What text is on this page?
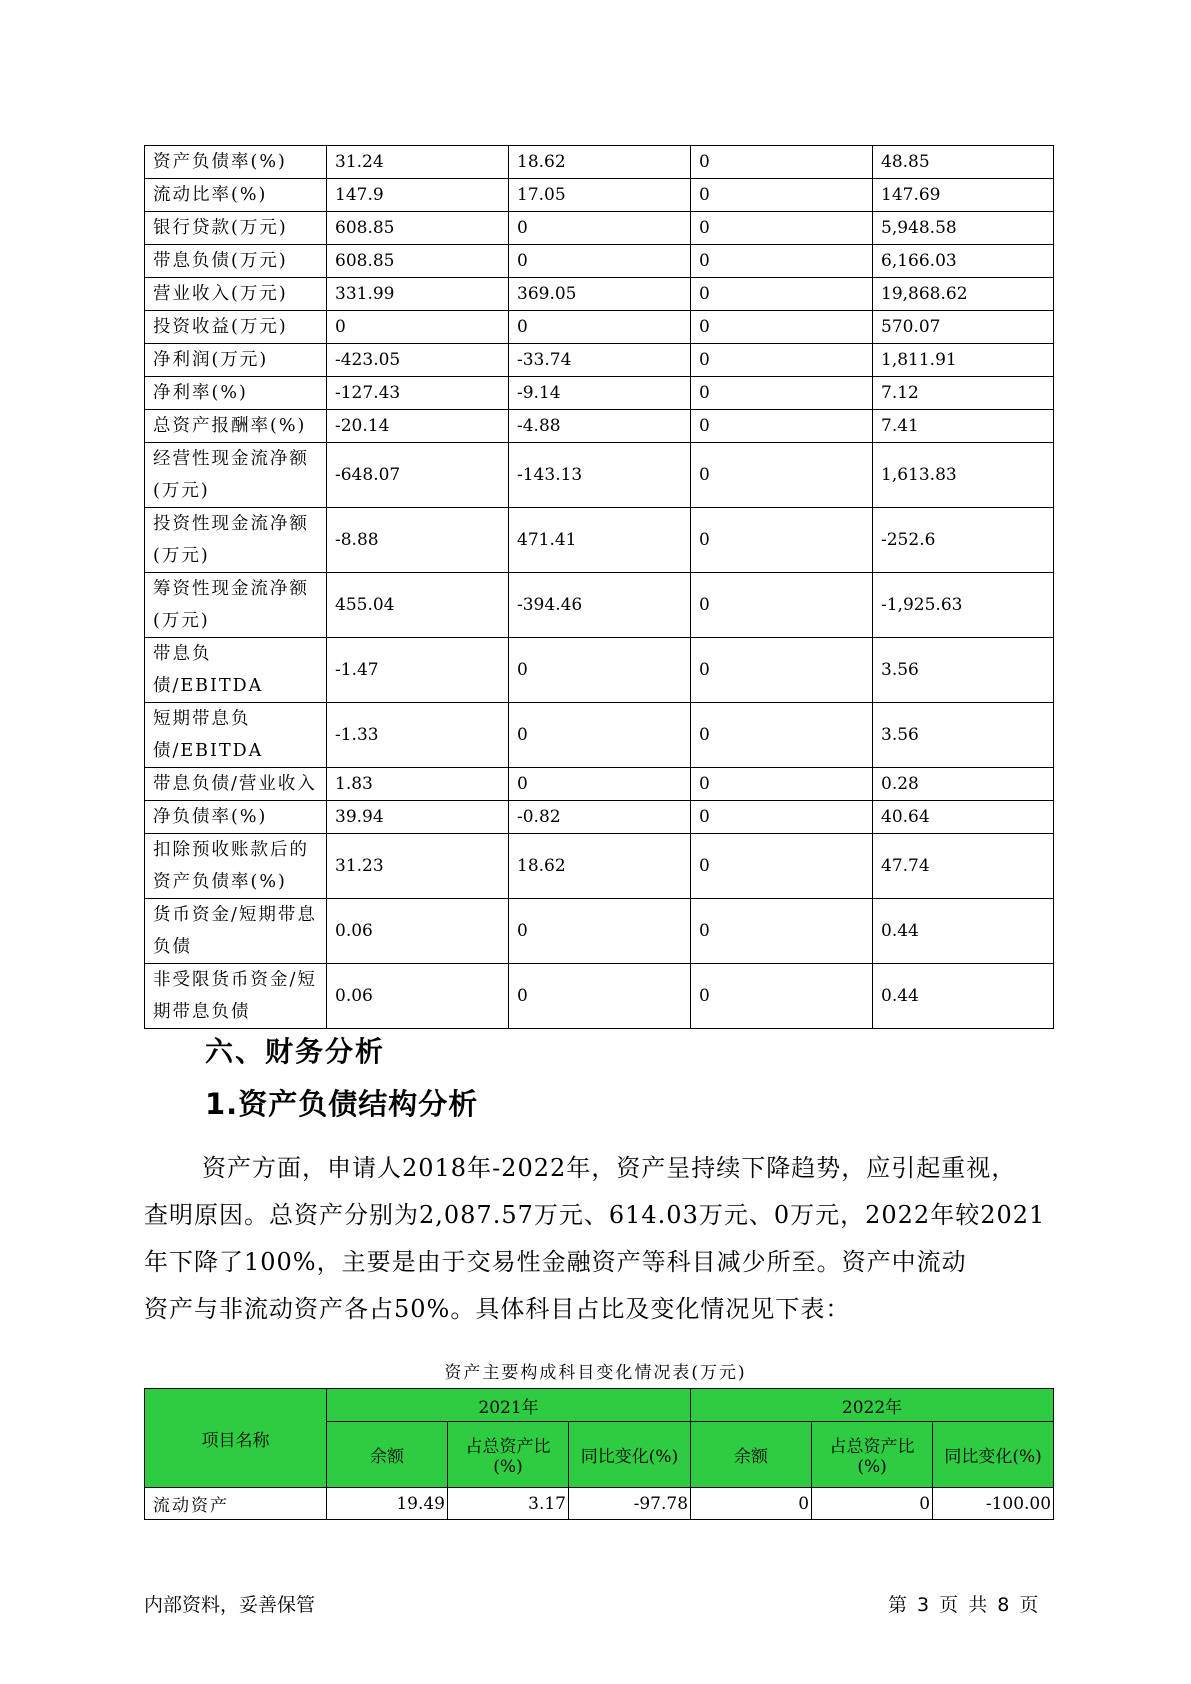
资产负债率(%)	31.24	18.62	0	48.85
流动比率(%)	147.9	17.05	0	147.69
银行贷款(万元)	608.85	0	0	5,948.58
带息负债(万元)	608.85	0	0	6,166.03
营业收入(万元)	331.99	369.05	0	19,868.62
投资收益(万元)	0	0	0	570.07
净利润(万元)	-423.05	-33.74	0	1,811.91
净利率(%)	-127.43	-9.14	0	7.12
总资产报酬率(%)	-20.14	-4.88	0	7.41
经营性现金流净额(万元)	-648.07	-143.13	0	1,613.83
投资性现金流净额(万元)	-8.88	471.41	0	-252.6
筹资性现金流净额(万元)	455.04	-394.46	0	-1,925.63
带息负债/EBITDA	-1.47	0	0	3.56
短期带息负债/EBITDA	-1.33	0	0	3.56
带息负债/营业收入	1.83	0	0	0.28
净负债率(%)	39.94	-0.82	0	40.64
扣除预收账款后的资产负债率(%)	31.23	18.62	0	47.74
货币资金/短期带息负债	0.06	0	0	0.44
非受限货币资金/短期带息负债	0.06	0	0	0.44
六、财务分析
1.资产负债结构分析
资产方面，申请人2018年-2022年，资产呈持续下降趋势，应引起重视，
查明原因。总资产分别为2,087.57万元、614.03万元、0万元，2022年较2021
年下降了100%，主要是由于交易性金融资产等科目减少所至。资产中流动
资产与非流动资产各占50%。具体科目占比及变化情况见下表：
资产主要构成科目变化情况表(万元)
项目名称	2021年			2022年		
	余额	占总资产比(%)	同比变化(%)	余额	占总资产比(%)	同比变化(%)
流动资产	19.49	3.17	-97.78	0	0	-100.00
内部资料，妥善保管	第 3 页 共 8 页
